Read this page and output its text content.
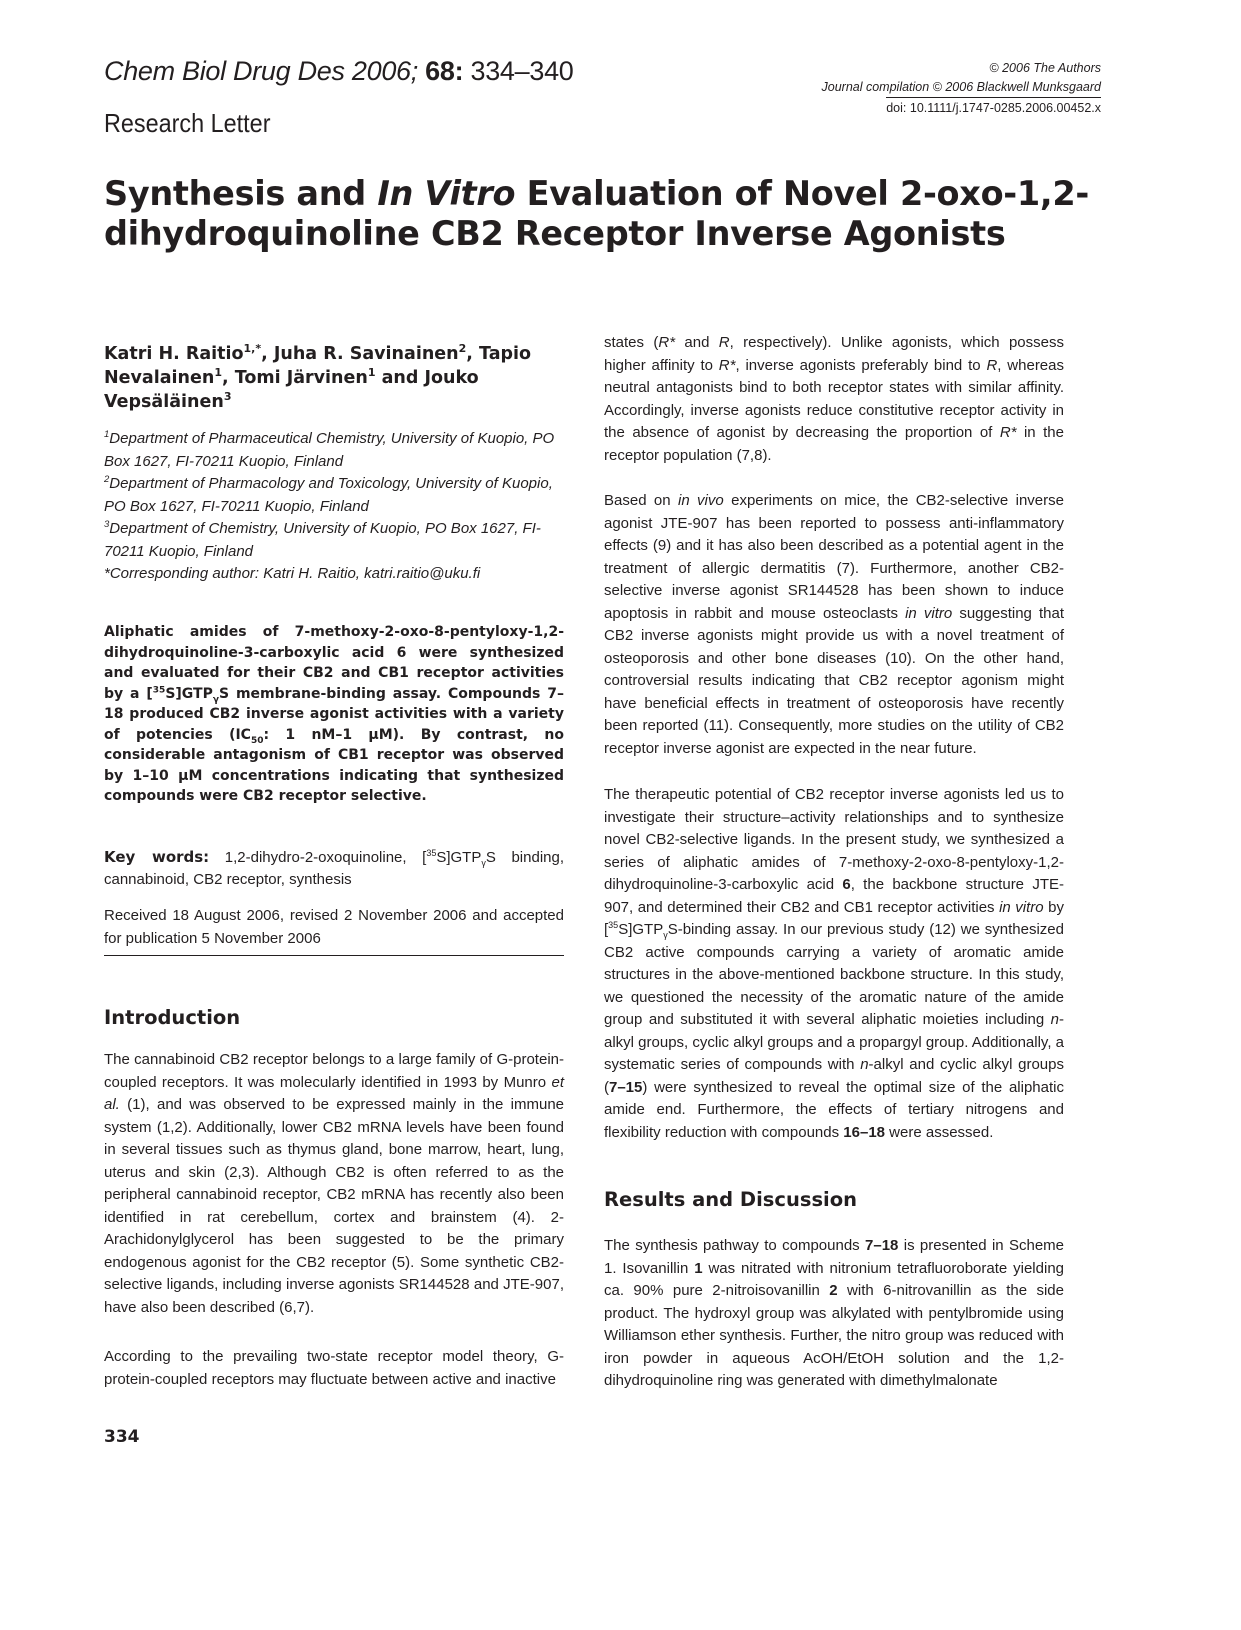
Chem Biol Drug Des 2006; 68: 334–340
Research Letter
© 2006 The Authors
Journal compilation © 2006 Blackwell Munksgaard
doi: 10.1111/j.1747-0285.2006.00452.x
Synthesis and In Vitro Evaluation of Novel 2-oxo-1,2-dihydroquinoline CB2 Receptor Inverse Agonists
Katri H. Raitio$^{1,*}$, Juha R. Savinainen$^2$, Tapio Nevalainen$^1$, Tomi Järvinen$^1$ and Jouko Vepsäläinen$^3$
$^1$Department of Pharmaceutical Chemistry, University of Kuopio, PO Box 1627, FI-70211 Kuopio, Finland
$^2$Department of Pharmacology and Toxicology, University of Kuopio, PO Box 1627, FI-70211 Kuopio, Finland
$^3$Department of Chemistry, University of Kuopio, PO Box 1627, FI-70211 Kuopio, Finland
*Corresponding author: Katri H. Raitio, katri.raitio@uku.fi
Aliphatic amides of 7-methoxy-2-oxo-8-pentyloxy-1,2-dihydroquinoline-3-carboxylic acid 6 were synthesized and evaluated for their CB2 and CB1 receptor activities by a $[^{35}S]GTP_\gamma S$ membrane-binding assay. Compounds 7–18 produced CB2 inverse agonist activities with a variety of potencies ($IC_{50}$: 1 nM–1 μM). By contrast, no considerable antagonism of CB1 receptor was observed by 1–10 μM concentrations indicating that synthesized compounds were CB2 receptor selective.
Key words: 1,2-dihydro-2-oxoquinoline, $[^{35}S]GTP_\gamma S$ binding, cannabinoid, CB2 receptor, synthesis
Received 18 August 2006, revised 2 November 2006 and accepted for publication 5 November 2006
Introduction
The cannabinoid CB2 receptor belongs to a large family of G-protein-coupled receptors. It was molecularly identified in 1993 by Munro et al. (1), and was observed to be expressed mainly in the immune system (1,2). Additionally, lower CB2 mRNA levels have been found in several tissues such as thymus gland, bone marrow, heart, lung, uterus and skin (2,3). Although CB2 is often referred to as the peripheral cannabinoid receptor, CB2 mRNA has recently also been identified in rat cerebellum, cortex and brainstem (4). 2-Arachidonylglycerol has been suggested to be the primary endogenous agonist for the CB2 receptor (5). Some synthetic CB2-selective ligands, including inverse agonists SR144528 and JTE-907, have also been described (6,7).
According to the prevailing two-state receptor model theory, G-protein-coupled receptors may fluctuate between active and inactive
states (R* and R, respectively). Unlike agonists, which possess higher affinity to R*, inverse agonists preferably bind to R, whereas neutral antagonists bind to both receptor states with similar affinity. Accordingly, inverse agonists reduce constitutive receptor activity in the absence of agonist by decreasing the proportion of R* in the receptor population (7,8).
Based on in vivo experiments on mice, the CB2-selective inverse agonist JTE-907 has been reported to possess anti-inflammatory effects (9) and it has also been described as a potential agent in the treatment of allergic dermatitis (7). Furthermore, another CB2-selective inverse agonist SR144528 has been shown to induce apoptosis in rabbit and mouse osteoclasts in vitro suggesting that CB2 inverse agonists might provide us with a novel treatment of osteoporosis and other bone diseases (10). On the other hand, controversial results indicating that CB2 receptor agonism might have beneficial effects in treatment of osteoporosis have recently been reported (11). Consequently, more studies on the utility of CB2 receptor inverse agonist are expected in the near future.
The therapeutic potential of CB2 receptor inverse agonists led us to investigate their structure–activity relationships and to synthesize novel CB2-selective ligands. In the present study, we synthesized a series of aliphatic amides of 7-methoxy-2-oxo-8-pentyloxy-1,2-dihydroquinoline-3-carboxylic acid 6, the backbone structure JTE-907, and determined their CB2 and CB1 receptor activities in vitro by $[^{35}S]GTP_\gamma S$-binding assay. In our previous study (12) we synthesized CB2 active compounds carrying a variety of aromatic amide structures in the above-mentioned backbone structure. In this study, we questioned the necessity of the aromatic nature of the amide group and substituted it with several aliphatic moieties including n-alkyl groups, cyclic alkyl groups and a propargyl group. Additionally, a systematic series of compounds with n-alkyl and cyclic alkyl groups (7–15) were synthesized to reveal the optimal size of the aliphatic amide end. Furthermore, the effects of tertiary nitrogens and flexibility reduction with compounds 16–18 were assessed.
Results and Discussion
The synthesis pathway to compounds 7–18 is presented in Scheme 1. Isovanillin 1 was nitrated with nitronium tetrafluoroborate yielding ca. 90% pure 2-nitroisovanillin 2 with 6-nitrovanillin as the side product. The hydroxyl group was alkylated with pentylbromide using Williamson ether synthesis. Further, the nitro group was reduced with iron powder in aqueous AcOH/EtOH solution and the 1,2-dihydroquinoline ring was generated with dimethylmalonate
334
